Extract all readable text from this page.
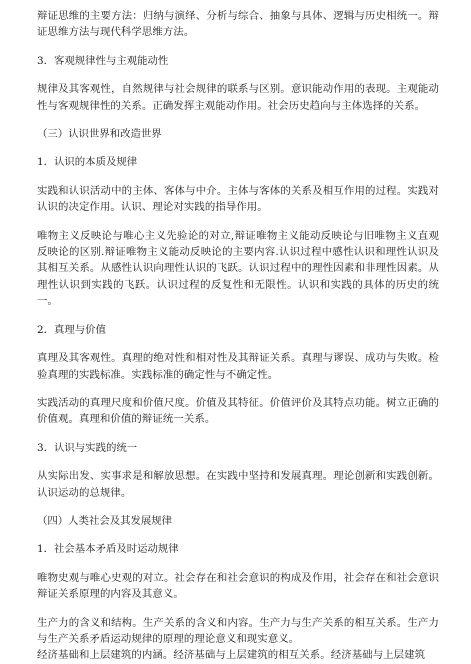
辩证思维的主要方法：归纳与演绎、分析与综合、抽象与具体、逻辑与历史相统一。辩证思维方法与现代科学思维方法。

3．客观规律性与主观能动性

规律及其客观性，自然规律与社会规律的联系与区别。意识能动作用的表现。主观能动性与客观规律性的关系。正确发挥主观能动作用。社会历史趋向与主体选择的关系。

（三）认识世界和改造世界

1．认识的本质及规律

实践和认识活动中的主体、客体与中介。主体与客体的关系及相互作用的过程。实践对认识的决定作用。认识、理论对实践的指导作用。

唯物主义反映论与唯心主义先验论的对立,辩证唯物主义能动反映论与旧唯物主义直观反映论的区别.辩证唯物主义能动反映论的主要内容.认识过程中感性认识和理性认识及其相互关系。从感性认识向理性认识的飞跃。认识过程中的理性因素和非理性因素。从理性认识到实践的飞跃。认识过程的反复性和无限性。认识和实践的具体的历史的统一。

2．真理与价值

真理及其客观性。真理的绝对性和相对性及其辩证关系。真理与谬误、成功与失败。检验真理的实践标准。实践标准的确定性与不确定性。

实践活动的真理尺度和价值尺度。价值及其特征。价值评价及其特点功能。树立正确的价值观。真理和价值的辩证统一关系。

3．认识与实践的统一

从实际出发、实事求是和解放思想。在实践中坚持和发展真理。理论创新和实践创新。认识运动的总规律。

（四）人类社会及其发展规律

1．社会基本矛盾及时运动规律

唯物史观与唯心史观的对立。社会存在和社会意识的构成及作用，社会存在和社会意识辩证关系原理的内容及其意义。

生产力的含义和结构。生产关系的含义和内容。生产力与生产关系的相互关系。生产力与生产关系矛盾运动规律的原理的理论意义和现实意义。

经济基础和上层建筑的内涵。经济基础与上层建筑的相互关系。经济基础与上层建筑
